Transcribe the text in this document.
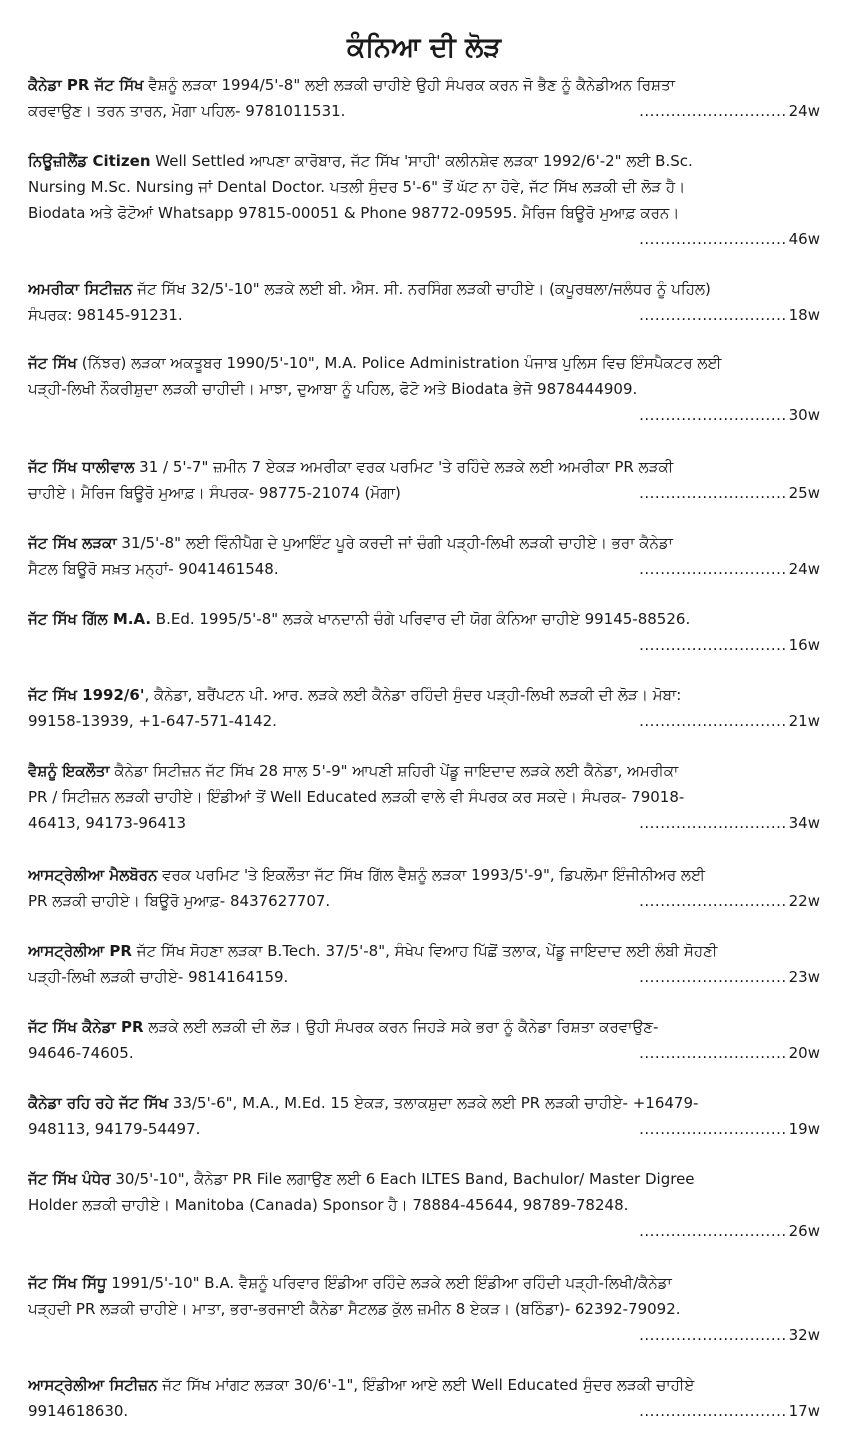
ਕੰਨਿਆ ਦੀ ਲੋੜ
ਕੈਨੇਡਾ PR ਜੱਟ ਸਿੱਖ ਵੈਸ਼ਨੂੰ ਲੜਕਾ 1994/5'-8" ਲਈ ਲੜਕੀ ਚਾਹੀਏ ਉਹੀ ਸੰਪਰਕ ਕਰਨ ਜੋ ਭੈਣ ਨੂੰ ਕੈਨੇਡੀਅਨ ਰਿਸ਼ਤਾ
ਕਰਵਾਉਣ। ਤਰਨ ਤਾਰਨ, ਮੋਗਾ ਪਹਿਲ- 9781011531.	............................ 24w
ਨਿਊਜ਼ੀਲੈਂਡ Citizen Well Settled ਆਪਣਾ ਕਾਰੋਬਾਰ, ਜੱਟ ਸਿੱਖ 'ਸਾਹੀ' ਕਲੀਨਸ਼ੇਵ ਲੜਕਾ 1992/6'-2" ਲਈ B.Sc.
Nursing M.Sc. Nursing ਜਾਂ Dental Doctor. ਪਤਲੀ ਸੁੰਦਰ 5'-6" ਤੋਂ ਘੱਟ ਨਾ ਹੋਵੇ, ਜੱਟ ਸਿੱਖ ਲੜਕੀ ਦੀ ਲੋੜ ਹੈ।
Biodata ਅਤੇ ਫੋਟੋਆਂ Whatsapp 97815-00051 & Phone 98772-09595. ਮੈਰਿਜ ਬਿਊਰੋ ਮੁਆਫ਼ ਕਰਨ।
............................ 46w
ਅਮਰੀਕਾ ਸਿਟੀਜ਼ਨ ਜੱਟ ਸਿੱਖ 32/5'-10" ਲੜਕੇ ਲਈ ਬੀ. ਐਸ. ਸੀ. ਨਰਸਿੰਗ ਲੜਕੀ ਚਾਹੀਏ। (ਕਪੂਰਥਲਾ/ਜਲੰਧਰ ਨੂੰ ਪਹਿਲ)
ਸੰਪਰਕ: 98145-91231.	............................ 18w
ਜੱਟ ਸਿੱਖ (ਨਿੱਝਰ) ਲੜਕਾ ਅਕਤੂਬਰ 1990/5'-10", M.A. Police Administration ਪੰਜਾਬ ਪੁਲਿਸ ਵਿਚ ਇੰਸਪੈਕਟਰ ਲਈ
ਪੜ੍ਹੀ-ਲਿਖੀ ਨੌਕਰੀਸ਼ੁਦਾ ਲੜਕੀ ਚਾਹੀਦੀ। ਮਾਝਾ, ਦੁਆਬਾ ਨੂੰ ਪਹਿਲ, ਫੋਟੋ ਅਤੇ Biodata ਭੇਜੋ 9878444909.
............................ 30w
ਜੱਟ ਸਿੱਖ ਧਾਲੀਵਾਲ 31 / 5'-7" ਜ਼ਮੀਨ 7 ਏਕੜ ਅਮਰੀਕਾ ਵਰਕ ਪਰਮਿਟ 'ਤੇ ਰਹਿੰਦੇ ਲੜਕੇ ਲਈ ਅਮਰੀਕਾ PR ਲੜਕੀ
ਚਾਹੀਏ। ਮੈਰਿਜ ਬਿਊਰੋ ਮੁਆਫ਼। ਸੰਪਰਕ- 98775-21074 (ਮੋਗਾ)	............................ 25w
ਜੱਟ ਸਿੱਖ ਲੜਕਾ 31/5'-8" ਲਈ ਵਿੰਨੀਪੈਗ ਦੇ ਪੁਆਇੰਟ ਪੂਰੇ ਕਰਦੀ ਜਾਂ ਚੰਗੀ ਪੜ੍ਹੀ-ਲਿਖੀ ਲੜਕੀ ਚਾਹੀਏ। ਭਰਾ ਕੈਨੇਡਾ
ਸੈਟਲ ਬਿਊਰੋ ਸਖ਼ਤ ਮਨ੍ਹਾਂ- 9041461548.	............................ 24w
ਜੱਟ ਸਿੱਖ ਗਿੱਲ M.A. B.Ed. 1995/5'-8" ਲੜਕੇ ਖਾਨਦਾਨੀ ਚੰਗੇ ਪਰਿਵਾਰ ਦੀ ਯੋਗ ਕੰਨਿਆ ਚਾਹੀਏ 99145-88526.
............................ 16w
ਜੱਟ ਸਿੱਖ 1992/6', ਕੈਨੇਡਾ, ਬਰੈਂਪਟਨ ਪੀ. ਆਰ. ਲੜਕੇ ਲਈ ਕੈਨੇਡਾ ਰਹਿੰਦੀ ਸੁੰਦਰ ਪੜ੍ਹੀ-ਲਿਖੀ ਲੜਕੀ ਦੀ ਲੋੜ। ਮੋਬਾ:
99158-13939, +1-647-571-4142.	............................ 21w
ਵੈਸ਼ਨੂੰ ਇਕਲੌਤਾ ਕੈਨੇਡਾ ਸਿਟੀਜ਼ਨ ਜੱਟ ਸਿੱਖ 28 ਸਾਲ 5'-9" ਆਪਣੀ ਸ਼ਹਿਰੀ ਪੇਂਡੂ ਜਾਇਦਾਦ ਲੜਕੇ ਲਈ ਕੈਨੇਡਾ, ਅਮਰੀਕਾ
PR / ਸਿਟੀਜ਼ਨ ਲੜਕੀ ਚਾਹੀਏ। ਇੰਡੀਆਂ ਤੋਂ Well Educated ਲੜਕੀ ਵਾਲੇ ਵੀ ਸੰਪਰਕ ਕਰ ਸਕਦੇ। ਸੰਪਰਕ- 79018-
46413, 94173-96413	............................ 34w
ਆਸਟ੍ਰੇਲੀਆ ਮੈਲਬੋਰਨ ਵਰਕ ਪਰਮਿਟ 'ਤੇ ਇਕਲੌਤਾ ਜੱਟ ਸਿੱਖ ਗਿੱਲ ਵੈਸ਼ਨੂੰ ਲੜਕਾ 1993/5'-9", ਡਿਪਲੋਮਾ ਇੰਜੀਨੀਅਰ ਲਈ
PR ਲੜਕੀ ਚਾਹੀਏ। ਬਿਊਰੋ ਮੁਆਫ਼- 8437627707.	............................ 22w
ਆਸਟ੍ਰੇਲੀਆ PR ਜੱਟ ਸਿੱਖ ਸੋਹਣਾ ਲੜਕਾ B.Tech. 37/5'-8", ਸੰਖੇਪ ਵਿਆਹ ਪਿੱਛੋਂ ਤਲਾਕ, ਪੇਂਡੂ ਜਾਇਦਾਦ ਲਈ ਲੰਬੀ ਸੋਹਣੀ
ਪੜ੍ਹੀ-ਲਿਖੀ ਲੜਕੀ ਚਾਹੀਏ- 9814164159.	............................ 23w
ਜੱਟ ਸਿੱਖ ਕੈਨੇਡਾ PR ਲੜਕੇ ਲਈ ਲੜਕੀ ਦੀ ਲੋੜ। ਉਹੀ ਸੰਪਰਕ ਕਰਨ ਜਿਹੜੇ ਸਕੇ ਭਰਾ ਨੂੰ ਕੈਨੇਡਾ ਰਿਸ਼ਤਾ ਕਰਵਾਉਣ-
94646-74605.	............................ 20w
ਕੈਨੇਡਾ ਰਹਿ ਰਹੇ ਜੱਟ ਸਿੱਖ 33/5'-6", M.A., M.Ed. 15 ਏਕੜ, ਤਲਾਕਸ਼ੁਦਾ ਲੜਕੇ ਲਈ PR ਲੜਕੀ ਚਾਹੀਏ- +16479-
948113, 94179-54497.	............................ 19w
ਜੱਟ ਸਿੱਖ ਪੰਧੇਰ 30/5'-10", ਕੈਨੇਡਾ PR File ਲਗਾਉਣ ਲਈ 6 Each ILTES Band, Bachulor/ Master Digree
Holder ਲੜਕੀ ਚਾਹੀਏ। Manitoba (Canada) Sponsor ਹੈ। 78884-45644, 98789-78248.
............................ 26w
ਜੱਟ ਸਿੱਖ ਸਿੱਧੂ 1991/5'-10" B.A. ਵੈਸ਼ਨੂੰ ਪਰਿਵਾਰ ਇੰਡੀਆ ਰਹਿੰਦੇ ਲੜਕੇ ਲਈ ਇੰਡੀਆ ਰਹਿੰਦੀ ਪੜ੍ਹੀ-ਲਿਖੀ/ਕੈਨੇਡਾ
ਪੜ੍ਹਦੀ PR ਲੜਕੀ ਚਾਹੀਏ। ਮਾਤਾ, ਭਰਾ-ਭਰਜਾਈ ਕੈਨੇਡਾ ਸੈਟਲਡ ਕੁੱਲ ਜ਼ਮੀਨ 8 ਏਕੜ। (ਬਠਿੰਡਾ)- 62392-79092.
............................ 32w
ਆਸਟ੍ਰੇਲੀਆ ਸਿਟੀਜ਼ਨ ਜੱਟ ਸਿੱਖ ਮਾਂਗਟ ਲੜਕਾ 30/6'-1", ਇੰਡੀਆ ਆਏ ਲਈ Well Educated ਸੁੰਦਰ ਲੜਕੀ ਚਾਹੀਏ
9914618630.	............................ 17w
